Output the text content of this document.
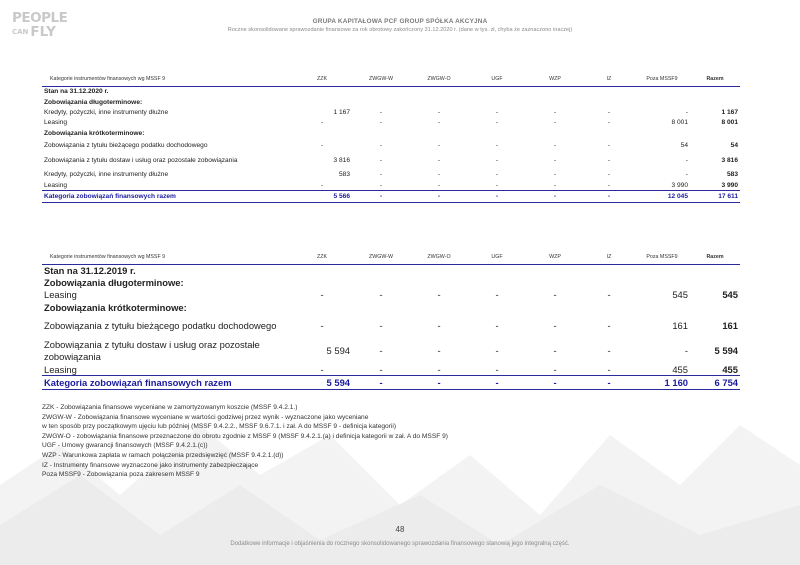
PEOPLE
CAN FLY
GRUPA KAPITAŁOWA PCF GROUP SPÓŁKA AKCYJNA
Roczne skonsolidowane sprawozdanie finansowe za rok obrotowy zakończony 31.12.2020 r. (dane w tys. zł, chyba że zaznaczono inaczej)
Kategorie instrumentów finansowych wg MSSF 9	ZZK	ZWGW-W	ZWGW-O	UGF	WZP	IZ	Poza MSSF9	Razem
Stan na 31.12.2020 r.								
Zobowiązania długoterminowe:								
Kredyty, pożyczki, inne instrumenty dłużne	1 167	-	-	-	-	-	-	1 167
Leasing	-	-	-	-	-	-	8 001	8 001
Zobowiązania krótkoterminowe:								
Zobowiązania z tytułu bieżącego podatku dochodowego	-	-	-	-	-	-	54	54
Zobowiązania z tytułu dostaw i usług oraz pozostałe zobowiązania	3 816	-	-	-	-	-	-	3 816
Kredyty, pożyczki, inne instrumenty dłużne	583	-	-	-	-	-	-	583
Leasing	-	-	-	-	-	-	3 990	3 990
Kategoria zobowiązań finansowych razem	5 566	-	-	-	-	-	12 045	17 611
Kategorie instrumentów finansowych wg MSSF 9	ZZK	ZWGW-W	ZWGW-O	UGF	WZP	IZ	Poza MSSF9	Razem
Stan na 31.12.2019 r.								
Zobowiązania długoterminowe:								
Leasing	-	-	-	-	-	-	545	545
Zobowiązania krótkoterminowe:								
Zobowiązania z tytułu bieżącego podatku dochodowego	-	-	-	-	-	-	161	161
Zobowiązania z tytułu dostaw i usług oraz pozostałe zobowiązania	5 594	-	-	-	-	-	-	5 594
Leasing	-	-	-	-	-	-	455	455
Kategoria zobowiązań finansowych razem	5 594	-	-	-	-	-	1 160	6 754
ZZK - Zobowiązania finansowe wyceniane w zamortyzowanym koszcie (MSSF 9.4.2.1.)
ZWGW-W - Zobowiązania finansowe wyceniane w wartości godziwej przez wynik - wyznaczone jako wyceniane
w ten sposób przy początkowym ujęciu lub później (MSSF 9.4.2.2., MSSF 9.6.7.1. i zał. A do MSSF 9 - definicja kategorii)
ZWGW-O - zobowiązania finansowe przeznaczone do obrotu zgodnie z MSSF 9 (MSSF 9.4.2.1.(a) i definicja kategorii w zał. A do MSSF 9)
UGF - Umowy gwarancji finansowych (MSSF 9.4.2.1.(c))
WZP - Warunkowa zapłata w ramach połączenia przedsięwzięć (MSSF 9.4.2.1.(d))
IZ - Instrumenty finansowe wyznaczone jako instrumenty zabezpieczające
Poza MSSF9 - Zobowiązania poza zakresem MSSF 9
48
Dodatkowe informacje i objaśnienia do rocznego skonsolidowanego sprawozdania finansowego stanowią jego integralną część.
